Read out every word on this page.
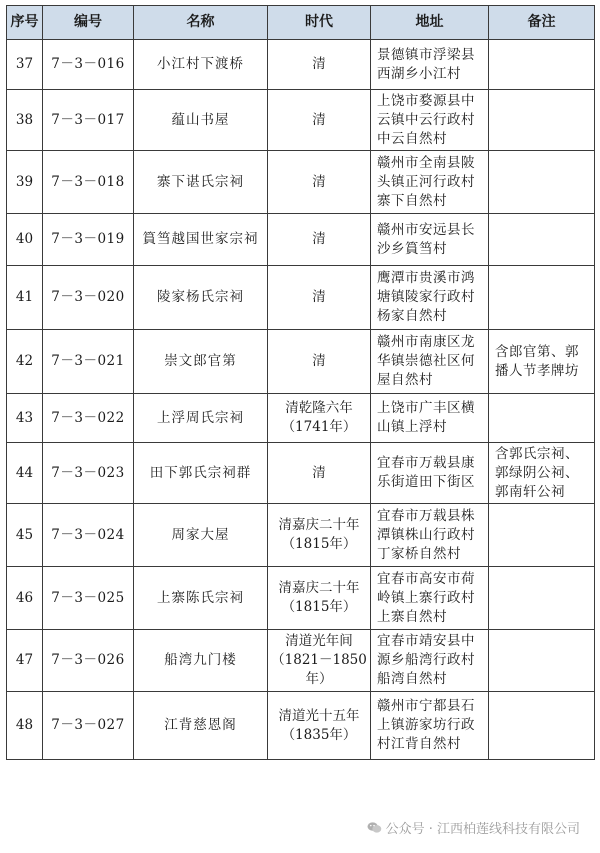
序号	编号	名称	时代	地址	备注
37	7－3－016	小江村下渡桥	清	景德镇市浮梁县西湖乡小江村	
38	7－3－017	蕴山书屋	清	上饶市婺源县中云镇中云行政村中云自然村	
39	7－3－018	寨下谌氏宗祠	清	赣州市全南县陂头镇正河行政村寨下自然村	
40	7－3－019	篔筜越国世家宗祠	清	赣州市安远县长沙乡篔筜村	
41	7－3－020	陵家杨氏宗祠	清	鹰潭市贵溪市鸿塘镇陵家行政村杨家自然村	
42	7－3－021	崇文郎官第	清	赣州市南康区龙华镇崇德社区何屋自然村	含郎官第、郭播人节孝牌坊
43	7－3－022	上浮周氏宗祠	清乾隆六年（1741年）	上饶市广丰区横山镇上浮村	
44	7－3－023	田下郭氏宗祠群	清	宜春市万载县康乐街道田下街区	含郭氏宗祠、郭绿阴公祠、郭南轩公祠
45	7－3－024	周家大屋	清嘉庆二十年（1815年）	宜春市万载县株潭镇株山行政村丁家桥自然村	
46	7－3－025	上寨陈氏宗祠	清嘉庆二十年（1815年）	宜春市高安市荷岭镇上寨行政村上寨自然村	
47	7－3－026	船湾九门楼	清道光年间（1821－1850年）	宜春市靖安县中源乡船湾行政村船湾自然村	
48	7－3－027	江背慈恩阁	清道光十五年（1835年）	赣州市宁都县石上镇游家坊行政村江背自然村	
公众号 · 江西柏莲线科技有限公司
